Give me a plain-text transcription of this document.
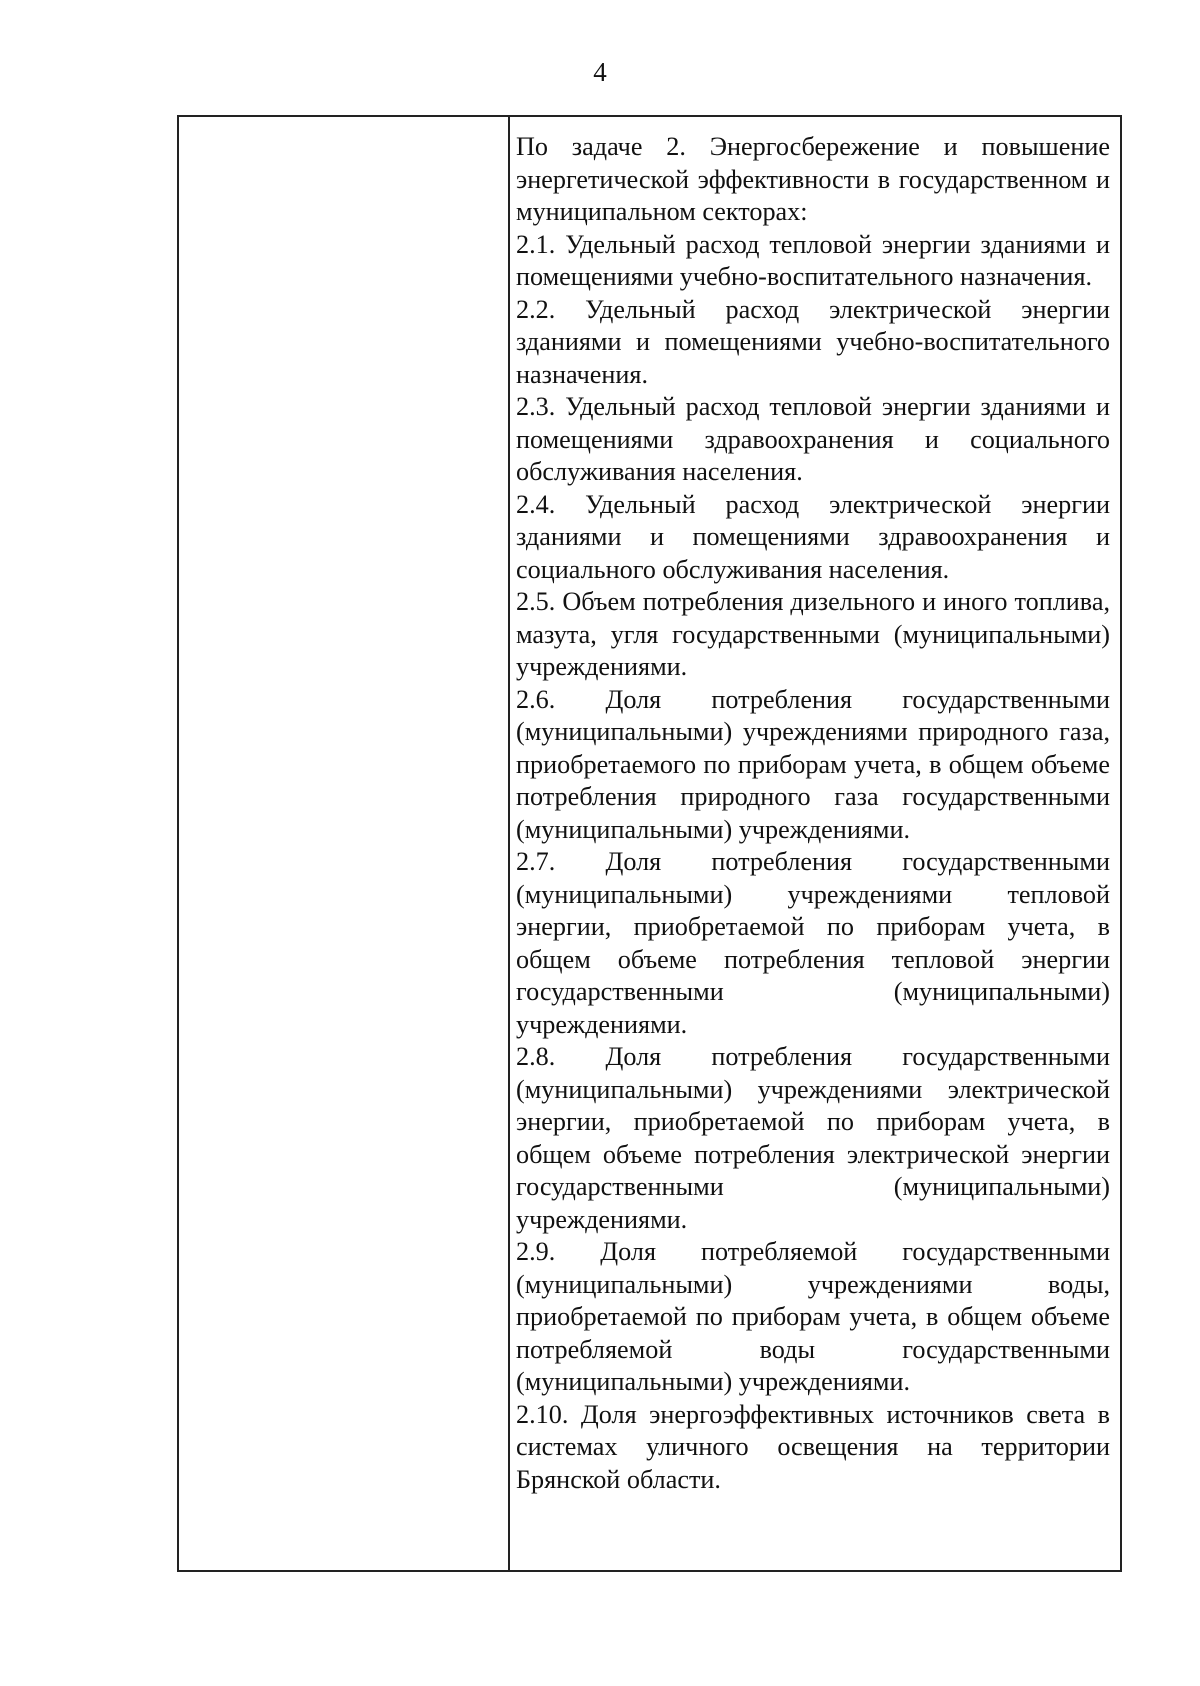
4

По задаче 2. Энергосбережение и повышение энергетической эффективности в государственном и муниципальном секторах:

2.1. Удельный расход тепловой энергии зданиями и помещениями учебно-воспитательного назначения.

2.2. Удельный расход электрической энергии зданиями и помещениями учебно-воспитательного назначения.

2.3. Удельный расход тепловой энергии зданиями и помещениями здравоохранения и социального обслуживания населения.

2.4. Удельный расход электрической энергии зданиями и помещениями здравоохранения и социального обслуживания населения.

2.5. Объем потребления дизельного и иного топлива, мазута, угля государственными (муниципальными) учреждениями.

2.6. Доля потребления государственными (муниципальными) учреждениями природного газа, приобретаемого по приборам учета, в общем объеме потребления природного газа государственными (муниципальными) учреждениями.

2.7. Доля потребления государственными (муниципальными) учреждениями тепловой энергии, приобретаемой по приборам учета, в общем объеме потребления тепловой энергии государственными (муниципальными) учреждениями.

2.8. Доля потребления государственными (муниципальными) учреждениями электрической энергии, приобретаемой по приборам учета, в общем объеме потребления электрической энергии государственными (муниципальными) учреждениями.

2.9. Доля потребляемой государственными (муниципальными) учреждениями воды, приобретаемой по приборам учета, в общем объеме потребляемой воды государственными (муниципальными) учреждениями.

2.10. Доля энергоэффективных источников света в системах уличного освещения на территории Брянской области.
